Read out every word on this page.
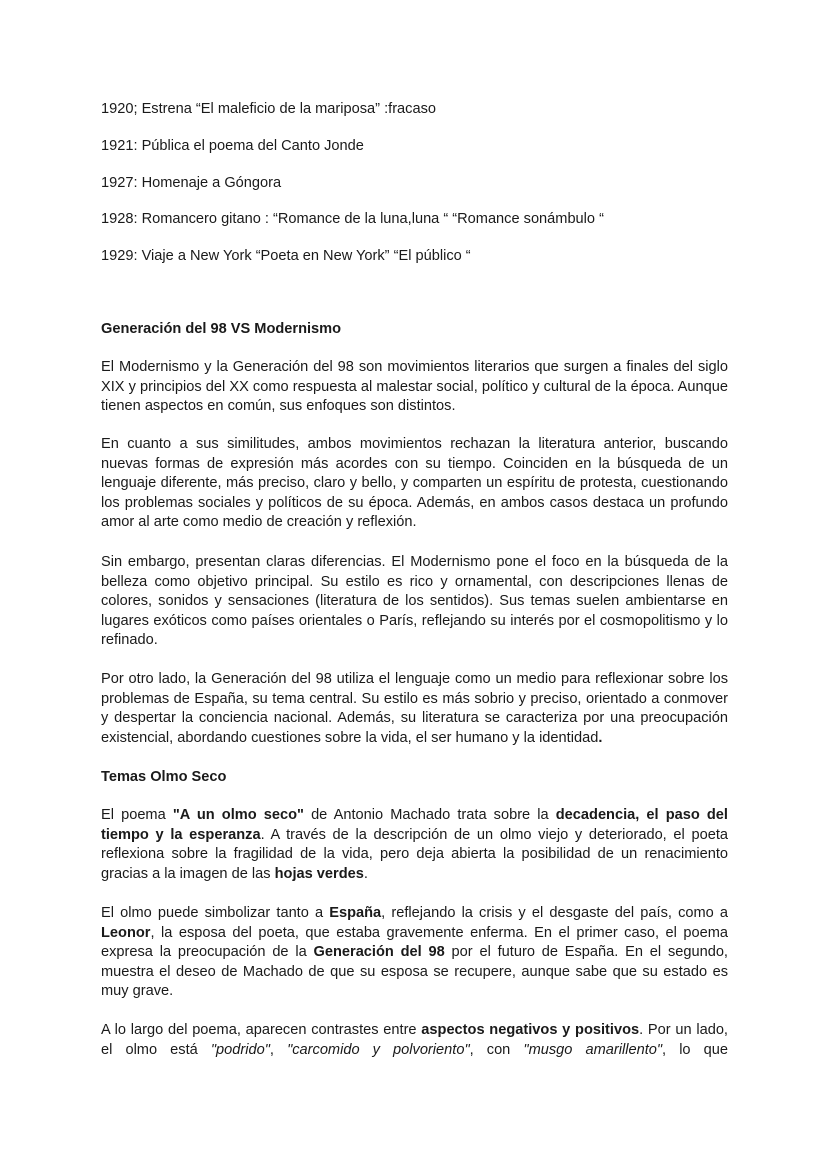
1920; Estrena “El maleficio de la mariposa” :fracaso

1921: Pública el poema del Canto Jonde

1927: Homenaje a Góngora

1928: Romancero gitano : “Romance de la luna,luna “ “Romance sonámbulo “

1929: Viaje a New York “Poeta en New York” “El público “

Generación del 98 VS Modernismo

El Modernismo y la Generación del 98 son movimientos literarios que surgen a finales del siglo XIX y principios del XX como respuesta al malestar social, político y cultural de la época. Aunque tienen aspectos en común, sus enfoques son distintos.

En cuanto a sus similitudes, ambos movimientos rechazan la literatura anterior, buscando nuevas formas de expresión más acordes con su tiempo. Coinciden en la búsqueda de un lenguaje diferente, más preciso, claro y bello, y comparten un espíritu de protesta, cuestionando los problemas sociales y políticos de su época. Además, en ambos casos destaca un profundo amor al arte como medio de creación y reflexión.

Sin embargo, presentan claras diferencias. El Modernismo pone el foco en la búsqueda de la belleza como objetivo principal. Su estilo es rico y ornamental, con descripciones llenas de colores, sonidos y sensaciones (literatura de los sentidos). Sus temas suelen ambientarse en lugares exóticos como países orientales o París, reflejando su interés por el cosmopolitismo y lo refinado.

Por otro lado, la Generación del 98 utiliza el lenguaje como un medio para reflexionar sobre los problemas de España, su tema central. Su estilo es más sobrio y preciso, orientado a conmover y despertar la conciencia nacional. Además, su literatura se caracteriza por una preocupación existencial, abordando cuestiones sobre la vida, el ser humano y la identidad.

Temas Olmo Seco

El poema "A un olmo seco" de Antonio Machado trata sobre la decadencia, el paso del tiempo y la esperanza. A través de la descripción de un olmo viejo y deteriorado, el poeta reflexiona sobre la fragilidad de la vida, pero deja abierta la posibilidad de un renacimiento gracias a la imagen de las hojas verdes.

El olmo puede simbolizar tanto a España, reflejando la crisis y el desgaste del país, como a Leonor, la esposa del poeta, que estaba gravemente enferma. En el primer caso, el poema expresa la preocupación de la Generación del 98 por el futuro de España. En el segundo, muestra el deseo de Machado de que su esposa se recupere, aunque sabe que su estado es muy grave.

A lo largo del poema, aparecen contrastes entre aspectos negativos y positivos. Por un lado, el olmo está "podrido", "carcomido y polvoriento", con "musgo amarillento", lo que
